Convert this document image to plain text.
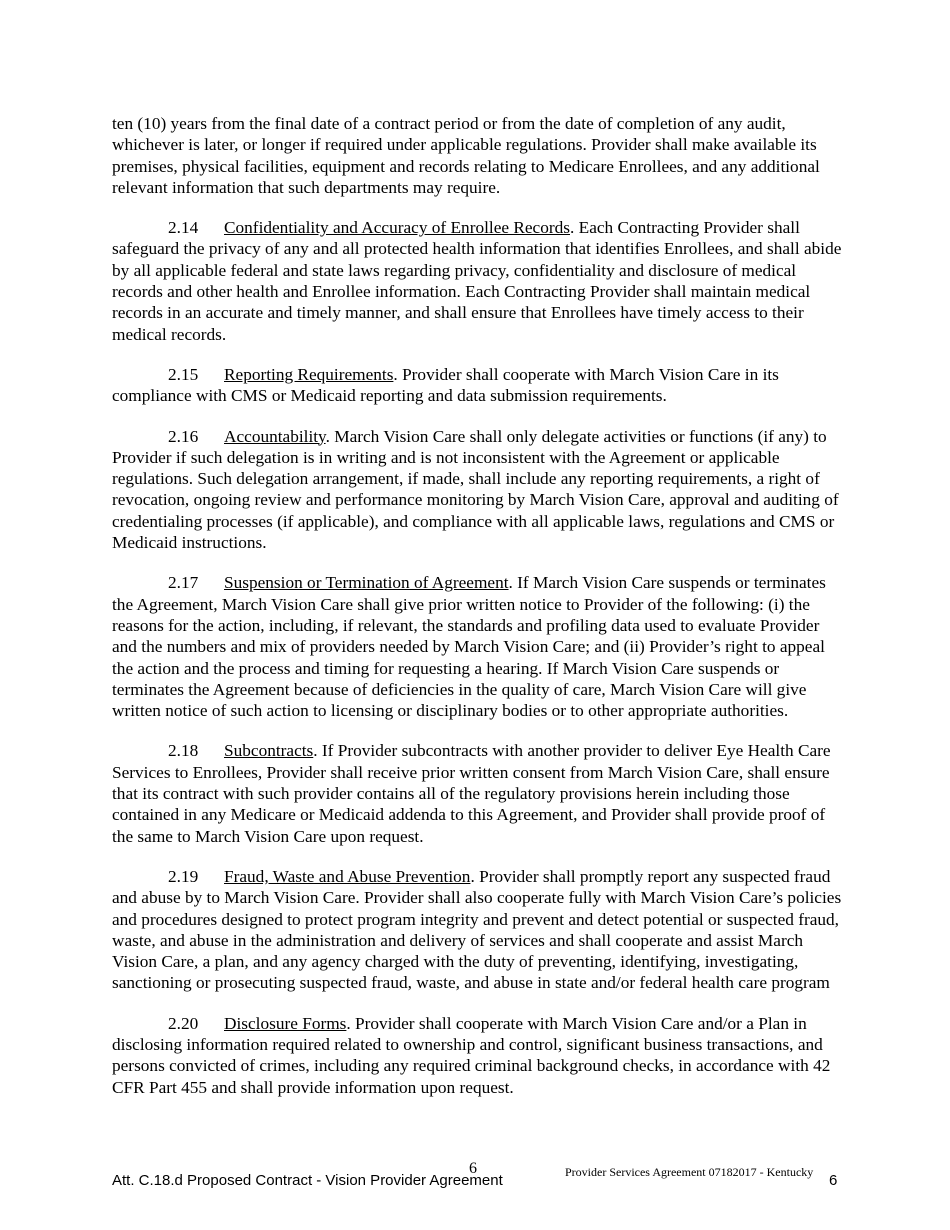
ten (10) years from the final date of a contract period or from the date of completion of any audit, whichever is later, or longer if required under applicable regulations. Provider shall make available its premises, physical facilities, equipment and records relating to Medicare Enrollees, and any additional relevant information that such departments may require.

2.14 Confidentiality and Accuracy of Enrollee Records. Each Contracting Provider shall safeguard the privacy of any and all protected health information that identifies Enrollees, and shall abide by all applicable federal and state laws regarding privacy, confidentiality and disclosure of medical records and other health and Enrollee information. Each Contracting Provider shall maintain medical records in an accurate and timely manner, and shall ensure that Enrollees have timely access to their medical records.

2.15 Reporting Requirements. Provider shall cooperate with March Vision Care in its compliance with CMS or Medicaid reporting and data submission requirements.

2.16 Accountability. March Vision Care shall only delegate activities or functions (if any) to Provider if such delegation is in writing and is not inconsistent with the Agreement or applicable regulations. Such delegation arrangement, if made, shall include any reporting requirements, a right of revocation, ongoing review and performance monitoring by March Vision Care, approval and auditing of credentialing processes (if applicable), and compliance with all applicable laws, regulations and CMS or Medicaid instructions.

2.17 Suspension or Termination of Agreement. If March Vision Care suspends or terminates the Agreement, March Vision Care shall give prior written notice to Provider of the following: (i) the reasons for the action, including, if relevant, the standards and profiling data used to evaluate Provider and the numbers and mix of providers needed by March Vision Care; and (ii) Provider’s right to appeal the action and the process and timing for requesting a hearing. If March Vision Care suspends or terminates the Agreement because of deficiencies in the quality of care, March Vision Care will give written notice of such action to licensing or disciplinary bodies or to other appropriate authorities.

2.18 Subcontracts. If Provider subcontracts with another provider to deliver Eye Health Care Services to Enrollees, Provider shall receive prior written consent from March Vision Care, shall ensure that its contract with such provider contains all of the regulatory provisions herein including those contained in any Medicare or Medicaid addenda to this Agreement, and Provider shall provide proof of the same to March Vision Care upon request.

2.19 Fraud, Waste and Abuse Prevention. Provider shall promptly report any suspected fraud and abuse by to March Vision Care. Provider shall also cooperate fully with March Vision Care’s policies and procedures designed to protect program integrity and prevent and detect potential or suspected fraud, waste, and abuse in the administration and delivery of services and shall cooperate and assist March Vision Care, a plan, and any agency charged with the duty of preventing, identifying, investigating, sanctioning or prosecuting suspected fraud, waste, and abuse in state and/or federal health care program

2.20 Disclosure Forms. Provider shall cooperate with March Vision Care and/or a Plan in disclosing information required related to ownership and control, significant business transactions, and persons convicted of crimes, including any required criminal background checks, in accordance with 42 CFR Part 455 and shall provide information upon request.

6
Att. C.18.d Proposed Contract - Vision Provider Agreement	Provider Services Agreement 07182017 - Kentucky 6
